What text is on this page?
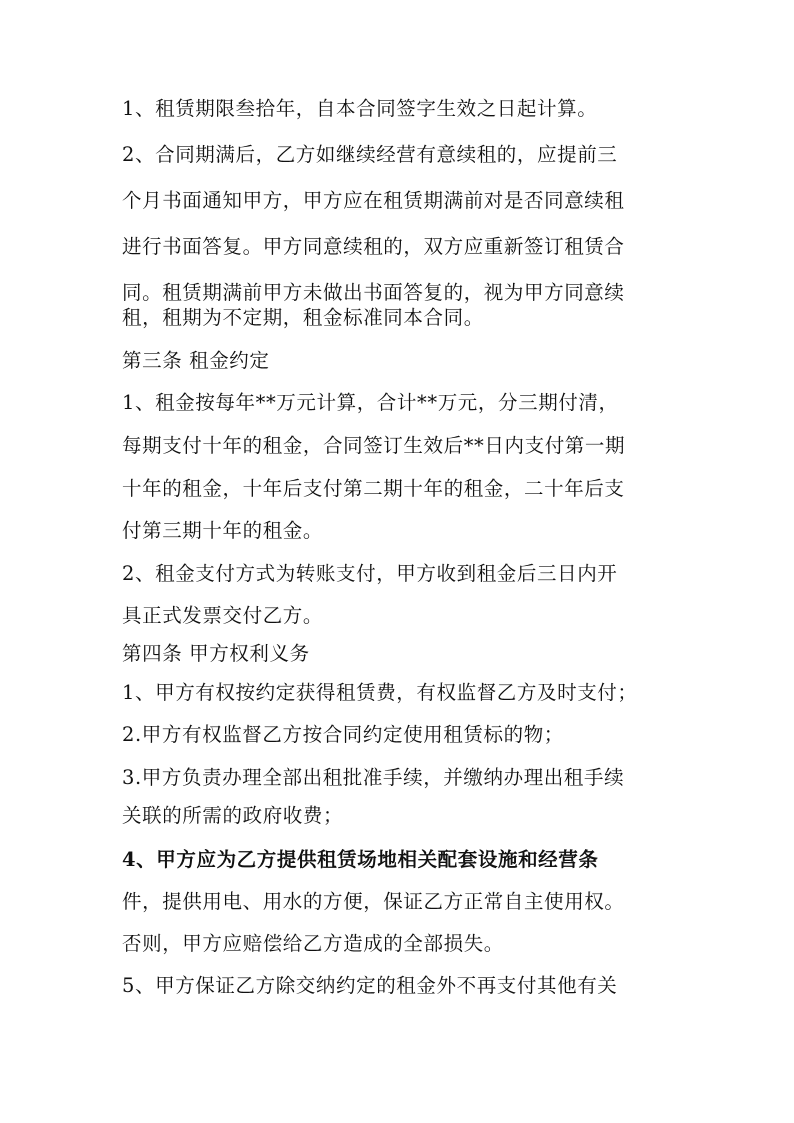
1、租赁期限叁拾年，自本合同签字生效之日起计算。

2、合同期满后，乙方如继续经营有意续租的，应提前三

个月书面通知甲方，甲方应在租赁期满前对是否同意续租

进行书面答复。甲方同意续租的，双方应重新签订租赁合

同。租赁期满前甲方未做出书面答复的，视为甲方同意续

租，租期为不定期，租金标准同本合同。

第三条 租金约定

1、租金按每年**万元计算，合计**万元，分三期付清，

每期支付十年的租金，合同签订生效后**日内支付第一期

十年的租金，十年后支付第二期十年的租金，二十年后支

付第三期十年的租金。

2、租金支付方式为转账支付，甲方收到租金后三日内开

具正式发票交付乙方。

第四条 甲方权利义务

1、甲方有权按约定获得租赁费，有权监督乙方及时支付；

2.甲方有权监督乙方按合同约定使用租赁标的物；

3.甲方负责办理全部出租批准手续，并缴纳办理出租手续

关联的所需的政府收费；

4、甲方应为乙方提供租赁场地相关配套设施和经营条

件，提供用电、用水的方便，保证乙方正常自主使用权。

否则，甲方应赔偿给乙方造成的全部损失。

5、甲方保证乙方除交纳约定的租金外不再支付其他有关
